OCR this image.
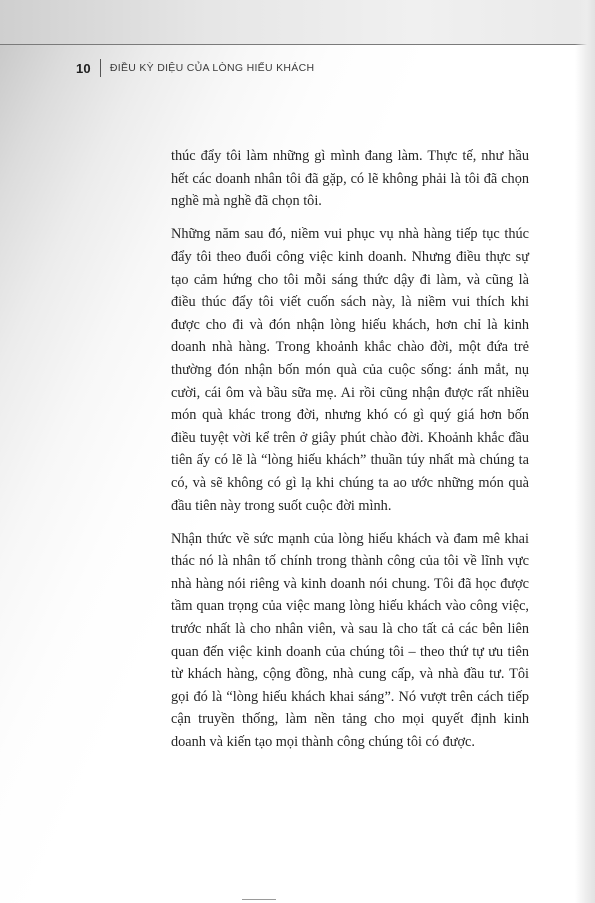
10 ĐIỀU KỲ DIỆU CỦA LÒNG HIẾU KHÁCH

thúc đẩy tôi làm những gì mình đang làm. Thực tế, như hầu hết các doanh nhân tôi đã gặp, có lẽ không phải là tôi đã chọn nghề mà nghề đã chọn tôi.

Những năm sau đó, niềm vui phục vụ nhà hàng tiếp tục thúc đẩy tôi theo đuổi công việc kinh doanh. Nhưng điều thực sự tạo cảm hứng cho tôi mỗi sáng thức dậy đi làm, và cũng là điều thúc đẩy tôi viết cuốn sách này, là niềm vui thích khi được cho đi và đón nhận lòng hiếu khách, hơn chỉ là kinh doanh nhà hàng. Trong khoảnh khắc chào đời, một đứa trẻ thường đón nhận bốn món quà của cuộc sống: ánh mắt, nụ cười, cái ôm và bầu sữa mẹ. Ai rồi cũng nhận được rất nhiều món quà khác trong đời, nhưng khó có gì quý giá hơn bốn điều tuyệt vời kể trên ở giây phút chào đời. Khoảnh khắc đầu tiên ấy có lẽ là “lòng hiếu khách” thuần túy nhất mà chúng ta có, và sẽ không có gì lạ khi chúng ta ao ước những món quà đầu tiên này trong suốt cuộc đời mình.

Nhận thức về sức mạnh của lòng hiếu khách và đam mê khai thác nó là nhân tố chính trong thành công của tôi về lĩnh vực nhà hàng nói riêng và kinh doanh nói chung. Tôi đã học được tầm quan trọng của việc mang lòng hiếu khách vào công việc, trước nhất là cho nhân viên, và sau là cho tất cả các bên liên quan đến việc kinh doanh của chúng tôi – theo thứ tự ưu tiên từ khách hàng, cộng đồng, nhà cung cấp, và nhà đầu tư. Tôi gọi đó là “lòng hiếu khách khai sáng”. Nó vượt trên cách tiếp cận truyền thống, làm nền tảng cho mọi quyết định kinh doanh và kiến tạo mọi thành công chúng tôi có được.
